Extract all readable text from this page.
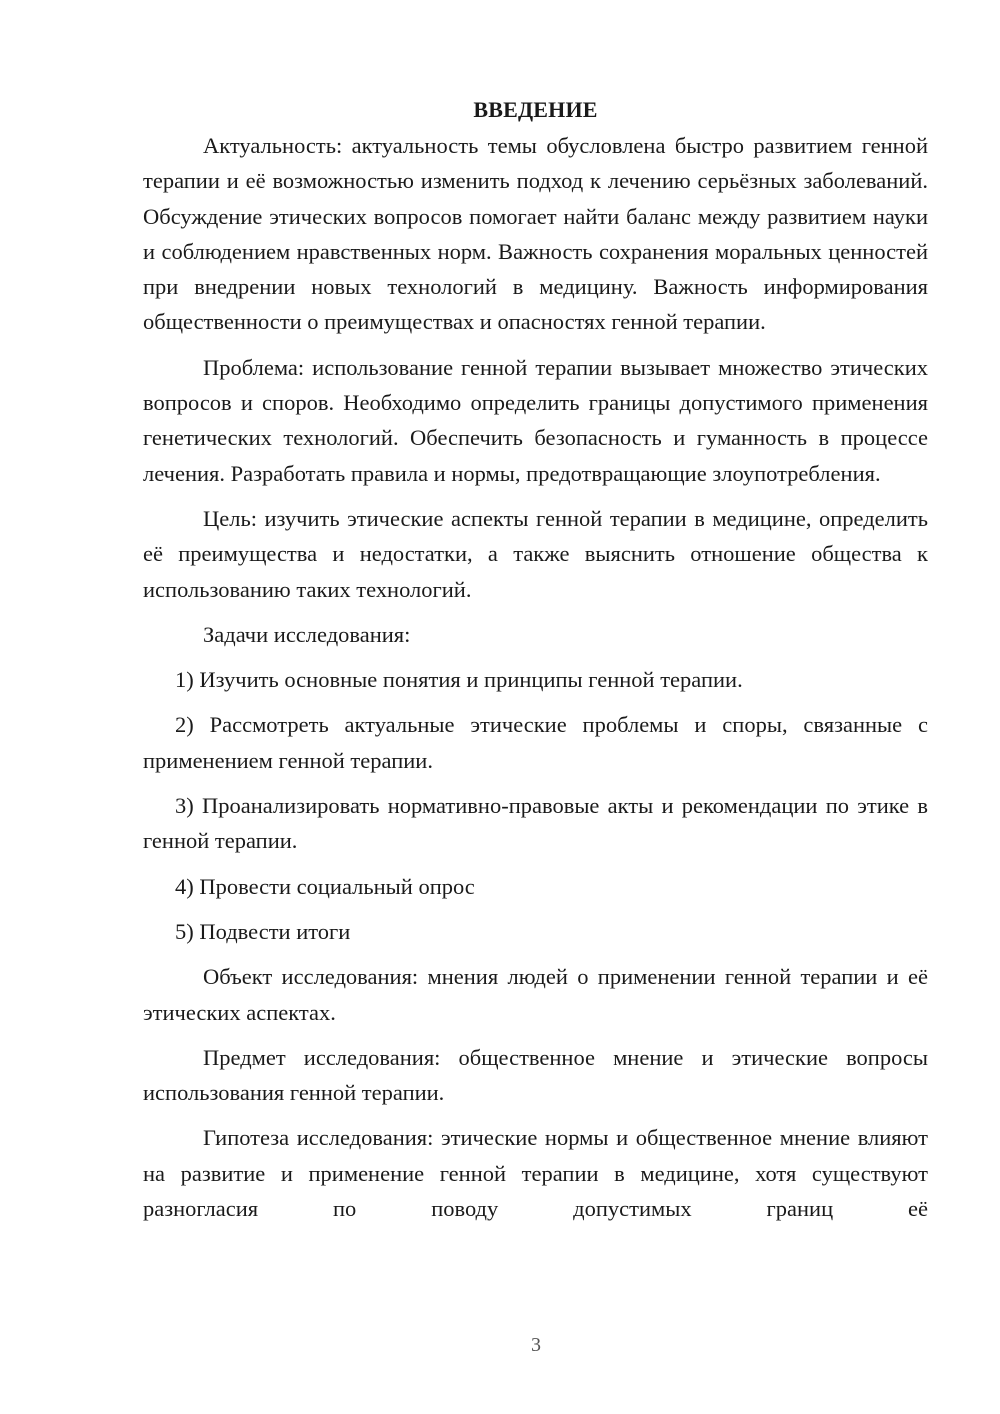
ВВЕДЕНИЕ

Актуальность: актуальность темы обусловлена быстро развитием генной терапии и её возможностью изменить подход к лечению серьёзных заболеваний. Обсуждение этических вопросов помогает найти баланс между развитием науки и соблюдением нравственных норм. Важность сохранения моральных ценностей при внедрении новых технологий в медицину. Важность информирования общественности о преимуществах и опасностях генной терапии.

Проблема: использование генной терапии вызывает множество этических вопросов и споров. Необходимо определить границы допустимого применения генетических технологий. Обеспечить безопасность и гуманность в процессе лечения. Разработать правила и нормы, предотвращающие злоупотребления.

Цель: изучить этические аспекты генной терапии в медицине, определить её преимущества и недостатки, а также выяснить отношение общества к использованию таких технологий.

Задачи исследования:

1) Изучить основные понятия и принципы генной терапии.

2) Рассмотреть актуальные этические проблемы и споры, связанные с применением генной терапии.

3) Проанализировать нормативно-правовые акты и рекомендации по этике в генной терапии.

4) Провести социальный опрос

5) Подвести итоги

Объект исследования: мнения людей о применении генной терапии и её этических аспектах.

Предмет исследования: общественное мнение и этические вопросы использования генной терапии.

Гипотеза исследования: этические нормы и общественное мнение влияют на развитие и применение генной терапии в медицине, хотя существуют разногласия по поводу допустимых границ её

3
